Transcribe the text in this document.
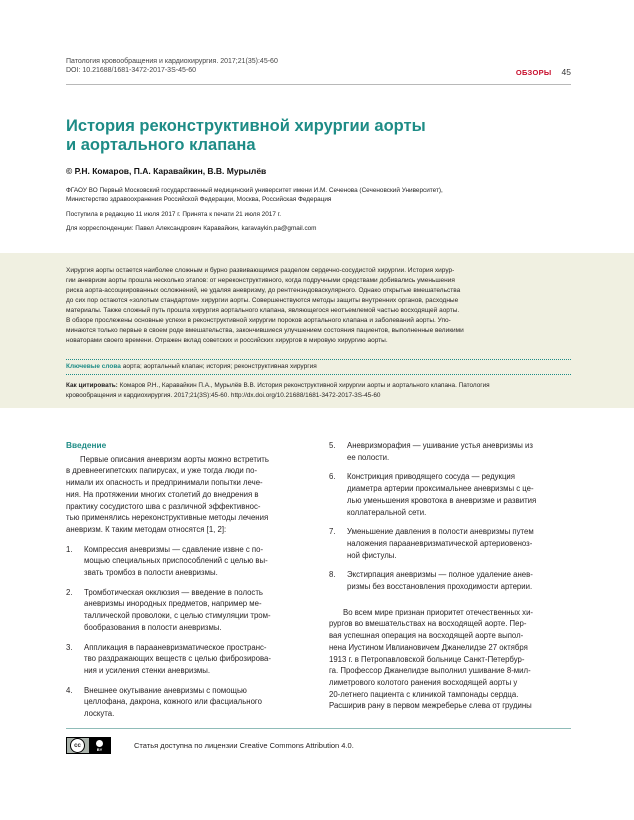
Патология кровообращения и кардиохирургия. 2017;21(35):45-60
DOI: 10.21688/1681-3472-2017-3S-45-60	ОБЗОРЫ 45
История реконструктивной хирургии аорты
и аортального клапана
© Р.Н. Комаров, П.А. Каравайкин, В.В. Мурылёв
ФГАОУ ВО Первый Московский государственный медицинский университет имени И.М. Сеченова (Сеченовский Университет),
Министерство здравоохранения Российской Федерации, Москва, Российская Федерация
Поступила в редакцию 11 июля 2017 г. Принята к печати 21 июля 2017 г.
Для корреспонденции: Павел Александрович Каравайкин, karavaykin.pa@gmail.com
Хирургия аорты остается наиболее сложным и бурно развивающимся разделом сердечно-сосудистой хирургии. История хирур-
гии аневризм аорты прошла несколько этапов: от нереконструктивного, когда подручными средствами добивались уменьшения
риска аорта-ассоциированных осложнений, не удаляя аневризму, до рентгенэндоваскулярного. Однако открытые вмешательства
до сих пор остаются «золотым стандартом» хирургии аорты. Совершенствуются методы защиты внутренних органов, расходные
материалы. Также сложный путь прошла хирургия аортального клапана, являющегося неотъемлемой частью восходящей аорты.
В обзоре прослежены основные успехи в реконструктивной хирургии пороков аортального клапана и заболеваний аорты. Упо-
минаются только первые в своем роде вмешательства, закончившиеся улучшением состояния пациентов, выполненные великими
новаторами своего времени. Отражен вклад советских и российских хирургов в мировую хирургию аорты.
Ключевые слова аорта; аортальный клапан; история; реконструктивная хирургия
Как цитировать: Комаров Р.Н., Каравайкин П.А., Мурылёв В.В. История реконструктивной хирургии аорты и аортального клапана. Патология
кровообращения и кардиохирургия. 2017;21(3S):45-60. http://dx.doi.org/10.21688/1681-3472-2017-3S-45-60
Введение
Первые описания аневризм аорты можно встретить
в древнеегипетских папирусах, и уже тогда люди по-
нимали их опасность и предпринимали попытки лече-
ния. На протяжении многих столетий до внедрения в
практику сосудистого шва с различной эффективнос-
тью применялись нереконструктивные методы лечения
аневризм. К таким методам относятся [1, 2]:
1.	Компрессия аневризмы — сдавление извне с по-
мощью специальных приспособлений с целью вы-
звать тромбоз в полости аневризмы.
2.	Тромботическая окклюзия — введение в полость
аневризмы инородных предметов, например ме-
таллической проволоки, с целью стимуляции тром-
бообразования в полости аневризмы.
3.	Аппликация в парааневризматическое пространс-
тво раздражающих веществ с целью фиброзирова-
ния и усиления стенки аневризмы.
4.	Внешнее окутывание аневризмы с помощью
целлофана, дакрона, кожного или фасциального
лоскута.
5.	Аневризморафия — ушивание устья аневризмы из
ее полости.
6.	Констрикция приводящего сосуда — редукция
диаметра артерии проксимальнее аневризмы с це-
лью уменьшения кровотока в аневризме и развития
коллатеральной сети.
7.	Уменьшение давления в полости аневризмы путем
наложения парааневризматической артериовеноз-
ной фистулы.
8.	Экстирпация аневризмы — полное удаление анев-
ризмы без восстановления проходимости артерии.
Во всем мире признан приоритет отечественных хи-
рургов во вмешательствах на восходящей аорте. Пер-
вая успешная операция на восходящей аорте выпол-
нена Иустином Ивлиановичем Джанелидзе 27 октября
1913 г. в Петропавловской больнице Санкт-Петербур-
га. Профессор Джанелидзе выполнил ушивание 8-мил-
лиметрового колотого ранения восходящей аорты у
20-летнего пациента с клиникой тампонады сердца.
Расширив рану в первом межреберье слева от грудины
cc
BY	Статья доступна по лицензии Creative Commons Attribution 4.0.
